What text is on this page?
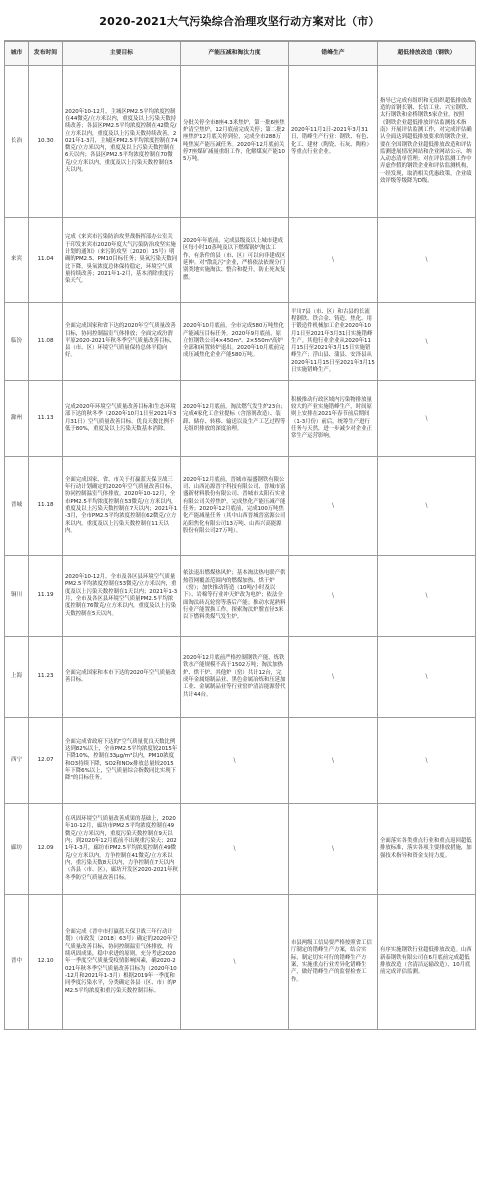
2020-2021大气污染综合治理攻坚行动方案对比（市）
城市	发布时间	主要目标	产能压减和淘汰力度	错峰生产	超低排放改造（钢铁）

长治	10.30	2020年10-12月，主城区PM2.5平均浓度控制在44微克/立方米以内，重度及以上污染天数持续改善；各县区PM2.5平均浓度控制在42微克/立方米以内，重度及以上污染天数持续改善。2021年1-3月，主城区PM2.5平均浓度控制在74微克/立方米以内，重度及以上污染天数控制在6天以内；各县区PM2.5平均浓度控制在70微克/立方米以内，重度及以上污染天数控制在5天以内。	分批关停全市8座4.3米焦炉，第一批6座焦炉清空焦炉，12月底前完成关停；第二批2座焦炉12月底关停到位，完成全市288万吨焦炭产能压减任务。2020年12月底前关停7座煤矿减量重组工作，化解煤炭产能105万吨。	2020年11月1日-2021年3月31日，错峰生产行业：钢铁、有色、化工、建材（陶瓷、石灰、陶粒）等重点行业企业。	指导已完成有组织和无组织超低排放改造的首钢长钢、长信工业、兴宝钢铁、太行钢铁和金桥钢铁5家企业，按照《钢铁企业超低排放评估监测技术指南》开展评估监测工作，对完成评估确认全面达到超低排放要求的钢铁企业，要在全国钢铁企业超低排放改造和评估监测进展情况网站和企业网站公示，纳入动态清单管理；对在评估监测工作中弄虚作假的钢铁企业和评估监测机构，一经发现，取消相关优惠政策，企业绩效评级等级降为D级。

来宾	11.04	完成《来宾市污染防治攻坚战指挥部办公室关于印发来宾市2020年度大气污染防治攻坚实施计划的通知》（来污防攻坚〔2020〕15号）明确的PM2.5、PM10目标任务；臭氧污染天数同比下降，臭氧浓度总体保持稳定，环境空气质量持续改善；2021年1-2月，基本消除重度污染天气。	2020年年底前，完成县级及以上城市建成区每小时10蒸吨及以下燃煤锅炉淘汰工作，有条件的县（市、区）可以向非建成区延伸。对"散乱污"企业，严格依法依规分门别类地实施淘汰、整合和提升，防止死灰复燃。	\	\

临汾	11.08	全面完成国家和省下达的2020年空气质量改善目标，协同控制温室气体排放；全面完成汾渭平原2020-2021年秋冬季空气质量改善目标，县（市、区）环境空气质量保持总体平稳向好。	2020年10月底前，全市完成580万吨焦化产能减压目标任务。2020年9月底前，原立恒钢铁公司4×450m³、2×550m³高炉全部和闲置转炉退出。2020年10月底前完成压减焦化企业产能580万吨。	平川7县（市、区）和古县的长流程钢铁、铁合金、铸造、焦化、用于锻造件机械加工企业2020年10月1日至2021年3月31日实施错峰生产。其他行业企业从2020年11月15日至2021年3月15日实施错峰生产；浮山县、蒲县、安泽县从2020年11月15日至2021年3月15日实施错峰生产。	\

滁州	11.13	完成2020年环境空气质量改善目标和生态环境部下达的秋冬季（2020年10月1日至2021年3月31日）空气质量改善目标。优良天数比例不低于80%，重度及以上污染天数基本消除。	2020年12月底前，淘汰燃气发生炉23台；完成4家化工企业提标（含溶剂改造）、装卸、储存、转移、输送以及生产工艺过程等无组织排放的深度治理。	积极推动行政区域内污染物排放量较大的产业实施错峰生产，时间原则上安排在2021年春节前后期间（1-3月份）前后，统筹生产进行任务与天然，进一步减少对企业正常生产运营影响。	\

晋城	11.18	全面完成国家、省、市关于打赢蓝天保卫战三年行动计划确定的2020年空气质量改善目标，协同控制温室气体排放。2020年10-12月，全市PM2.5平均浓度控制在53微克/立方米以内，重度及以上污染天数控制在7天以内；2021年1-3月，全市PM2.5平均浓度控制在62微克/立方米以内，重度及以上污染天数控制在11天以内。	2020年12月底前，晋城市福盛钢铁有限公司、山西沁源晋宇科技有限公司、晋城市富盛新材料股份有限公司、晋城市太阳石实业有限公司关停焦炉，完成焦化产能压减产能任务；2020年12月底前，完成100万吨焦化产能减量任务（其中山西晋城晋富源公司沁阳焦化有限公司13万吨、山西兴高能源股份有限公司27万吨）。	\	\

铜川	11.19	2020年10-12月，全市及各区县环境空气质量PM2.5平均浓度控制在53微克/立方米以内，重度及以上污染天数控制在1天以内；2021年1-3月，全市及各区县环境空气质量PM2.5平均浓度控制在76微克/立方米以内，重度及以上污染天数控制在5天以内。	依法退出燃煤热风炉；基本淘汰热电联产供热管网覆盖范围内的燃煤加热、烘干炉（窑）；加快推动铸造（10吨/小时及以下）、岩棉等行业冲天炉改为电炉；依法全面淘汰砖瓦轮窑等落后产能；推动水泥熟料行业产能置换工作，探索淘汰炉膛直径3米以下燃料类煤气发生炉。	\	\

上海	11.23	全面完成国家和本市下达的2020年空气质量改善目标。	2020年12月底前严格控制钢铁产能，炼铁铁水产能规模不高于1502万吨；淘汰加热炉、烘干炉、其他炉（窑）共计12台，完成年金属熔制品业、黑色金属冶炼和压延加工业、金属制品业等行业窑炉清洁能源替代共计44台。	\	\

西宁	12.07	全面完成省政府下达的"空气质量优良天数比例达到82%以上，全市PM2.5平均浓度较2015年下降10%，控制在33μg/m³以内，PM10浓度和O3持续下降，SO2和NOx排放总量较2015年下降6%以上，空气质量综合指数同比实现下降"的目标任务。	\	\	\

廊坊	12.09	在巩固环境空气质量改善成果的基础上，2020年10-12月，廊坊市PM2.5平均浓度控制在49微克/立方米以内，重度污染天数控制在9天以内；到2020年12月底前不出现重污染天；2021年1-3月，廊坊市PM2.5平均浓度控制在49微克/立方米以内，力争控制在41微克/立方米以内，重污染天数8天以内，力争控制在7天以内（各县（市、区），廊坊开发区2020-2021年秋冬季防空气质量改善目标。	\	\	全面落实各类重点行业和重点返回超低排放标准，落实各项主要排放措施，加强技术指导和资金支持力度。

晋中	12.10	全面完成《晋中市打赢蓝天保卫战三年行动计划》（市政发〔2018〕63号）确定的2020年空气质量改善目标，协同控制温室气体排放，持续巩固成果，稳中求进的原则，充分考虑2020年一季度空气质量受疫情影响因素，确2020-2021年秋冬季空气质量改善目标为（2020年10-12月和2021年1-3月）根据2019年一季度和同季度污染水平，分类确定各县（区、市）的PM2.5平均浓度和重污染天数控制目标。	\	市县两级工信局要严格按照省工信厅制定的错峰生产方案，结合实际，制定切实可行的错峰生产方案，实施重点行业差异化错峰生产，做好错峰生产的监督检查工作。	有序实施钢铁行业超低排放改造。山西新泰钢铁有限公司在6月底前完成超低排放改造（含清洁运输改造），10月底前完成评估监测。
